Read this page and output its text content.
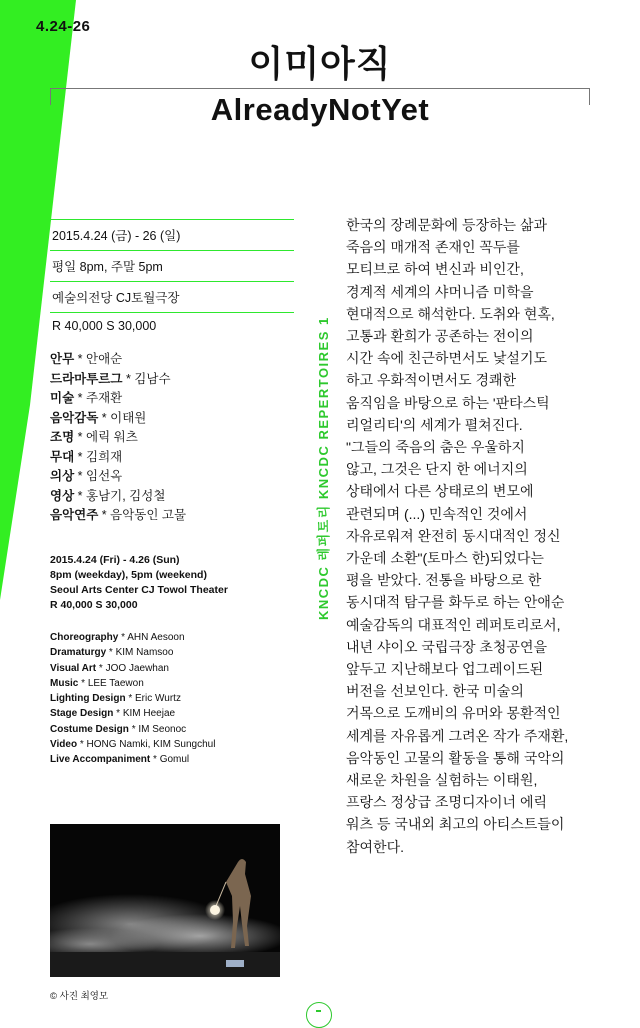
4.24-26
이미아직
AlreadyNotYet
2015.4.24 (금) - 26 (일)
평일 8pm, 주말 5pm
예술의전당 CJ토월극장
R 40,000 S 30,000
안무 * 안애순
드라마투르그 * 김남수
미술 * 주재환
음악감독 * 이태원
조명 * 에릭 워츠
무대 * 김희재
의상 * 임선옥
영상 * 홍남기, 김성철
음악연주 * 음악동인 고물
2015.4.24 (Fri) - 4.26 (Sun)
8pm (weekday), 5pm (weekend)
Seoul Arts Center CJ Towol Theater
R 40,000 S 30,000
Choreography * AHN Aesoon
Dramaturgy * KIM Namsoo
Visual Art * JOO Jaewhan
Music * LEE Taewon
Lighting Design * Eric Wurtz
Stage Design * KIM Heejae
Costume Design * IM Seonoc
Video * HONG Namki, KIM Sungchul
Live Accompaniment * Gomul
KNCDC 레퍼토리 KNCDC REPERTOIRES 1
한국의 장례문화에 등장하는 삶과
죽음의 매개적 존재인 꼭두를
모티브로 하여 변신과 비인간,
경계적 세계의 샤머니즘 미학을
현대적으로 해석한다. 도취와 현혹,
고통과 환희가 공존하는 전이의
시간 속에 친근하면서도 낯설기도
하고 우화적이면서도 경쾌한
움직임을 바탕으로 하는 '판타스틱
리얼리티'의 세계가 펼쳐진다.
"그들의 죽음의 춤은 우울하지
않고, 그것은 단지 한 에너지의
상태에서 다른 상태로의 변모에
관련되며 (...) 민속적인 것에서
자유로워져 완전히 동시대적인 정신
가운데 소환"(토마스 한)되었다는
평을 받았다. 전통을 바탕으로 한
동시대적 탐구를 화두로 하는 안애순
예술감독의 대표적인 레퍼토리로서,
내년 샤이오 국립극장 초청공연을
앞두고 지난해보다 업그레이드된
버전을 선보인다. 한국 미술의
거목으로 도깨비의 유머와 몽환적인
세계를 자유롭게 그려온 작가 주재환,
음악동인 고물의 활동을 통해 국악의
새로운 차원을 실험하는 이태원,
프랑스 정상급 조명디자이너 에릭
워츠 등 국내외 최고의 아티스트들이
참여한다.
© 사진 최영모
